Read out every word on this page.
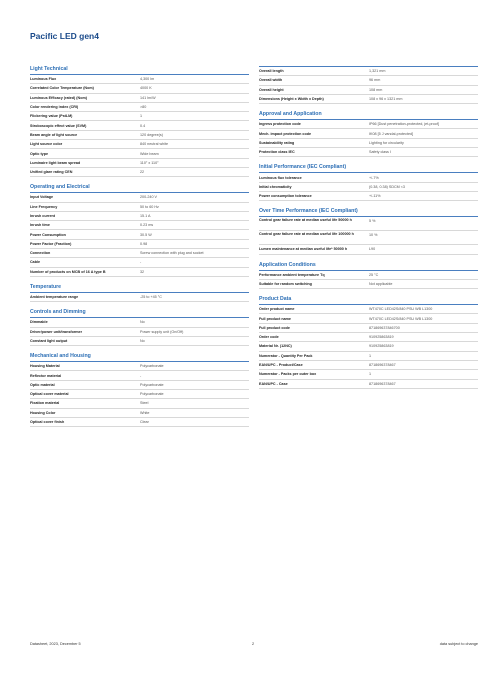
Pacific LED gen4
Light Technical
Luminous Flux	4,300 lm
Correlated Color Temperature (Nom)	4000 K
Luminous Efficacy (rated) (Nom)	141 lm/W
Color rendering index (CRI)	>80
Flickering value (PstLM)	1
Stroboscopic effect value (SVM)	0.4
Beam angle of light source	120 degree(s)
Light source color	840 neutral white
Optic type	Wide beam
Luminaire light beam spread	110° x 110°
Unified glare rating CEN	22
Operating and Electrical
Input Voltage	200-240 V
Line Frequency	50 to 60 Hz
Inrush current	15.1 A
Inrush time	0.23 ms
Power Consumption	30.5 W
Power Factor (Fraction)	0.98
Connection	Screw connection with plug and socket
Cable	-
Number of products on MCB of 16 A type B	32
Temperature
Ambient temperature range	-25 to +45 °C
Controls and Dimming
Dimmable	No
Driver/power unit/transformer	Power supply unit (On/Off)
Constant light output	No
Mechanical and Housing
Housing Material	Polycarbonate
Reflector material	-
Optic material	Polycarbonate
Optical cover material	Polycarbonate
Fixation material	Steel
Housing Color	White
Optical cover finish	Clear
Overall length	1,321 mm
Overall width	96 mm
Overall height	108 mm
Dimensions (Height x Width x Depth)	108 x 96 x 1321 mm
Approval and Application
Ingress protection code	IP66 [Dust penetration-protected, jet-proof]
Mech. impact protection code	IK08 [5 J vandal-protected]
Sustainability rating	Lighting for circularity
Protection class IEC	Safety class I
Initial Performance (IEC Compliant)
Luminous flux tolerance	+/-7%
Initial chromaticity	(0.38, 0.38) SDCM <3
Power consumption tolerance	+/-11%
Over Time Performance (IEC Compliant)
Control gear failure rate at median useful life 50000 h	5 %
Control gear failure rate at median useful life 100000 h	10 %
Lumen maintenance at median useful life* 50000 h	L90
Application Conditions
Performance ambient temperature Tq	25 °C
Suitable for random switching	Not applicable
Product Data
Order product name	WT470C LED42S/840 PSU WB L1300
Full product name	WT470C LED42S/840 PSU WB L1300
Full product code	871869637846700
Order code	910925863819
Material Nr. (12NC)	910925863819
Numerator - Quantity Per Pack	1
EAN/UPC - Product/Case	8718696378467
Numerator - Packs per outer box	1
EAN/UPC - Case	8718696378467
Datasheet, 2023, December 5	2	data subject to change
